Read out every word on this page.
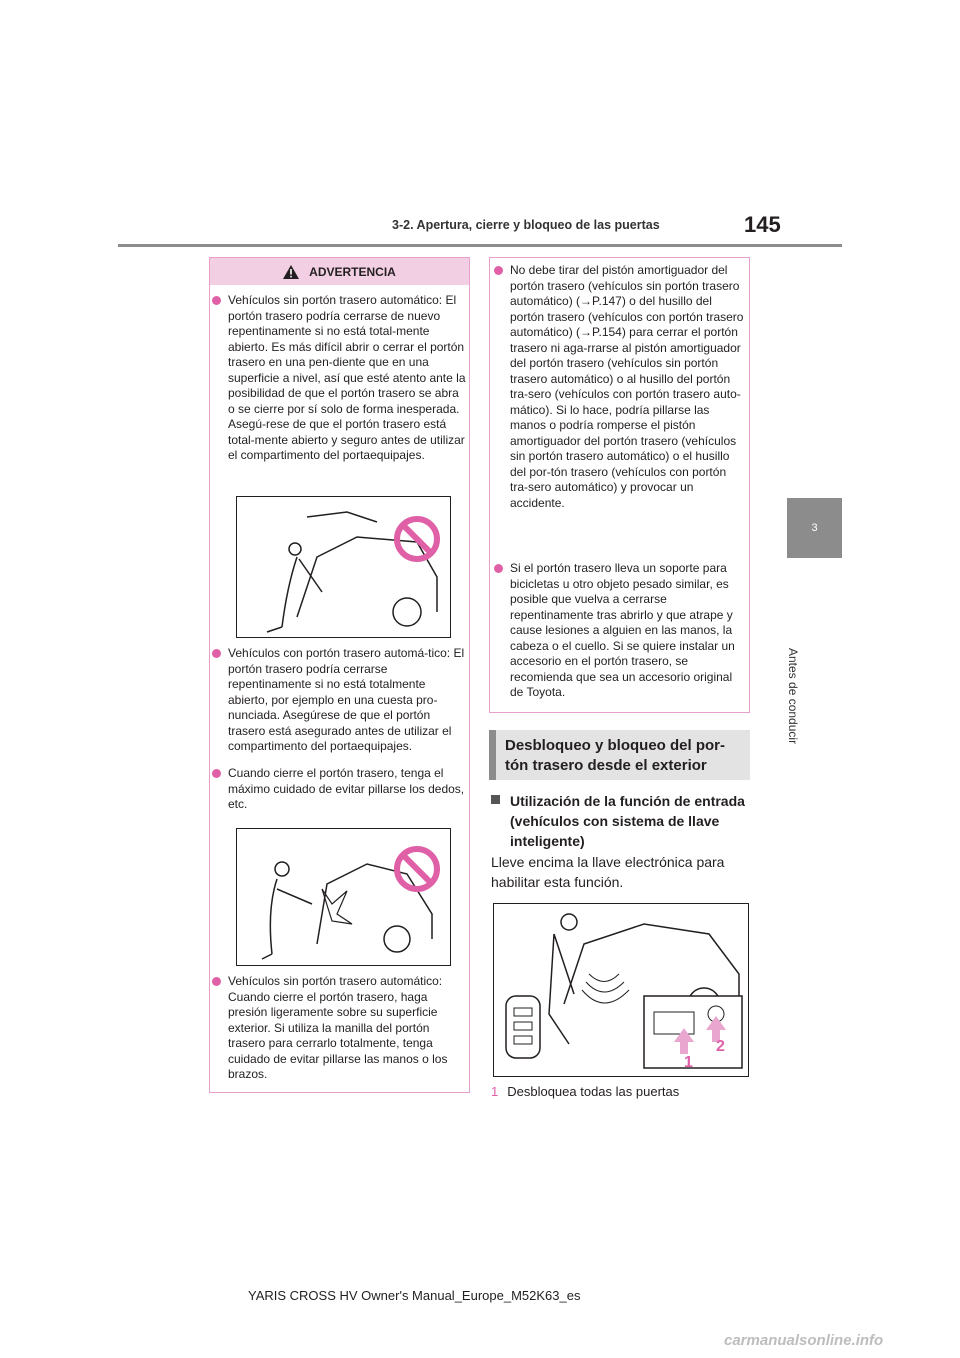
3-2. Apertura, cierre y bloqueo de las puertas	145
3
Antes de conducir
ADVERTENCIA

Vehículos sin portón trasero automático: El portón trasero podría cerrarse de nuevo repentinamente si no está total-mente abierto. Es más difícil abrir o cerrar el portón trasero en una pen-diente que en una superficie a nivel, así que esté atento ante la posibilidad de que el portón trasero se abra o se cierre por sí solo de forma inesperada. Asegú-rese de que el portón trasero está total-mente abierto y seguro antes de utilizar el compartimento del portaequipajes.

Vehículos con portón trasero automá-tico: El portón trasero podría cerrarse repentinamente si no está totalmente abierto, por ejemplo en una cuesta pro-nunciada. Asegúrese de que el portón trasero está asegurado antes de utilizar el compartimento del portaequipajes.

Cuando cierre el portón trasero, tenga el máximo cuidado de evitar pillarse los dedos, etc.

Vehículos sin portón trasero automático: Cuando cierre el portón trasero, haga presión ligeramente sobre su superficie exterior. Si utiliza la manilla del portón trasero para cerrarlo totalmente, tenga cuidado de evitar pillarse las manos o los brazos.

No debe tirar del pistón amortiguador del portón trasero (vehículos sin portón trasero automático) (→P.147) o del husillo del portón trasero (vehículos con portón trasero automático) (→P.154) para cerrar el portón trasero ni aga-rrarse al pistón amortiguador del portón trasero (vehículos sin portón trasero automático) o al husillo del portón tra-sero (vehículos con portón trasero auto-mático). Si lo hace, podría pillarse las manos o podría romperse el pistón amortiguador del portón trasero (vehículos sin portón trasero automático) o el husillo del por-tón trasero (vehículos con portón tra-sero automático) y provocar un accidente.

Si el portón trasero lleva un soporte para bicicletas u otro objeto pesado similar, es posible que vuelva a cerrarse repentinamente tras abrirlo y que atrape y cause lesiones a alguien en las manos, la cabeza o el cuello. Si se quiere instalar un accesorio en el portón trasero, se recomienda que sea un accesorio original de Toyota.

Desbloqueo y bloqueo del por-tón trasero desde el exterior
Utilización de la función de entrada (vehículos con sistema de llave inteligente)
Lleve encima la llave electrónica para habilitar esta función.
1
2
1 Desbloquea todas las puertas
YARIS CROSS HV Owner's Manual_Europe_M52K63_es
carmanualsonline.info
